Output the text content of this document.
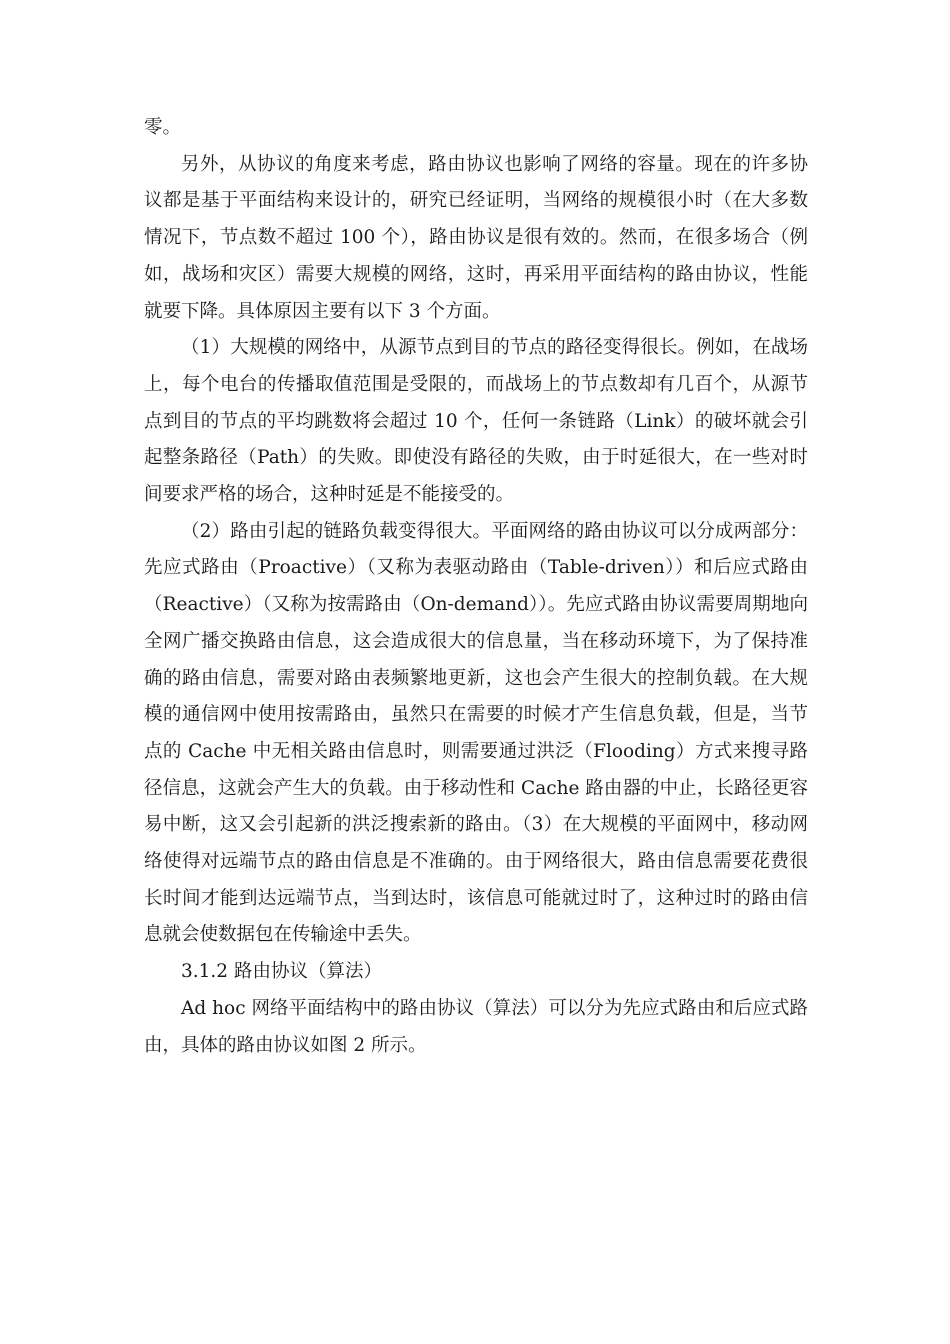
零。

另外，从协议的角度来考虑，路由协议也影响了网络的容量。现在的许多协议都是基于平面结构来设计的，研究已经证明，当网络的规模很小时（在大多数情况下，节点数不超过 100 个），路由协议是很有效的。然而，在很多场合（例如，战场和灾区）需要大规模的网络，这时，再采用平面结构的路由协议，性能就要下降。具体原因主要有以下 3 个方面。

（1）大规模的网络中，从源节点到目的节点的路径变得很长。例如，在战场上，每个电台的传播取值范围是受限的，而战场上的节点数却有几百个，从源节点到目的节点的平均跳数将会超过 10 个，任何一条链路（Link）的破坏就会引起整条路径（Path）的失败。即使没有路径的失败，由于时延很大，在一些对时间要求严格的场合，这种时延是不能接受的。

（2）路由引起的链路负载变得很大。平面网络的路由协议可以分成两部分：先应式路由（Proactive）（又称为表驱动路由（Table-driven））和后应式路由（Reactive）（又称为按需路由（On-demand））。先应式路由协议需要周期地向全网广播交换路由信息，这会造成很大的信息量，当在移动环境下，为了保持准确的路由信息，需要对路由表频繁地更新，这也会产生很大的控制负载。在大规模的通信网中使用按需路由，虽然只在需要的时候才产生信息负载，但是，当节点的 Cache 中无相关路由信息时，则需要通过洪泛（Flooding）方式来搜寻路径信息，这就会产生大的负载。由于移动性和 Cache 路由器的中止，长路径更容易中断，这又会引起新的洪泛搜索新的路由。（3）在大规模的平面网中，移动网络使得对远端节点的路由信息是不准确的。由于网络很大，路由信息需要花费很长时间才能到达远端节点，当到达时，该信息可能就过时了，这种过时的路由信息就会使数据包在传输途中丢失。

3.1.2 路由协议（算法）

Ad hoc 网络平面结构中的路由协议（算法）可以分为先应式路由和后应式路由，具体的路由协议如图 2 所示。
